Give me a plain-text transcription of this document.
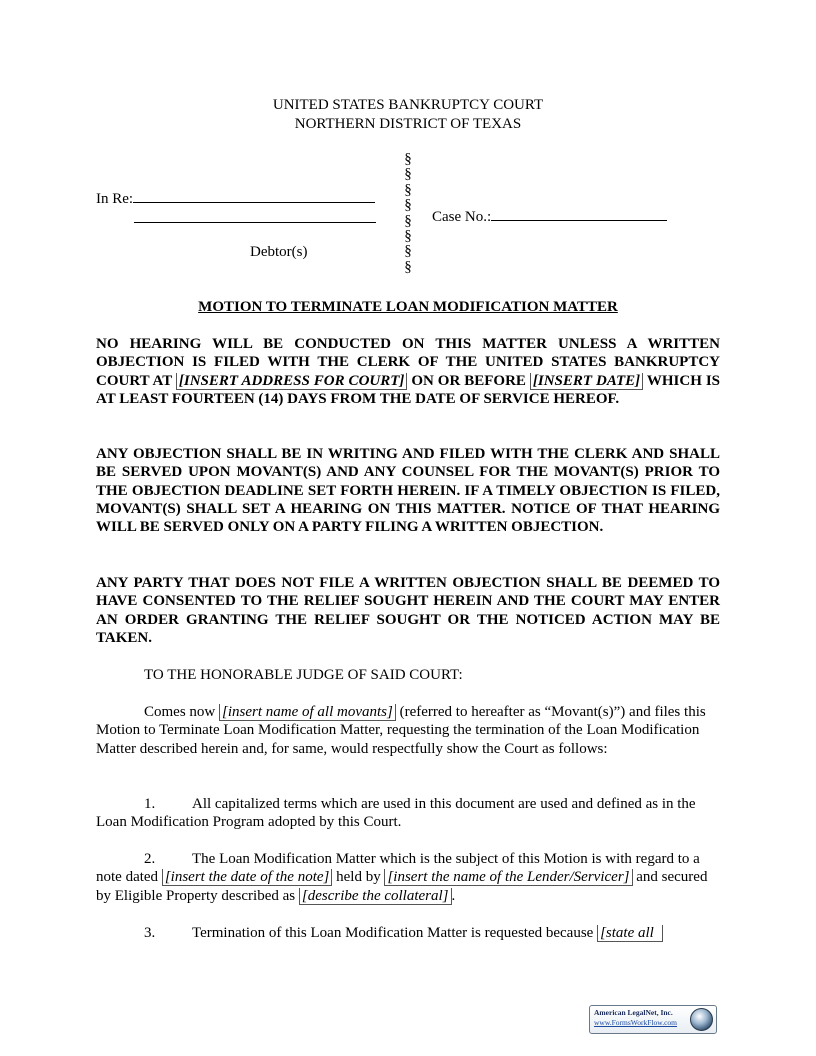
UNITED STATES BANKRUPTCY COURT
NORTHERN DISTRICT OF TEXAS
§
§
§
§
§
§
§
§
In Re:
Case No.:
Debtor(s)
MOTION TO TERMINATE LOAN MODIFICATION MATTER
NO HEARING WILL BE CONDUCTED ON THIS MATTER UNLESS A WRITTEN OBJECTION IS FILED WITH THE CLERK OF THE UNITED STATES BANKRUPTCY COURT AT [INSERT ADDRESS FOR COURT] ON OR BEFORE [INSERT DATE] WHICH IS AT LEAST FOURTEEN (14) DAYS FROM THE DATE OF SERVICE HEREOF.
ANY OBJECTION SHALL BE IN WRITING AND FILED WITH THE CLERK AND SHALL BE SERVED UPON MOVANT(S) AND ANY COUNSEL FOR THE MOVANT(S) PRIOR TO THE OBJECTION DEADLINE SET FORTH HEREIN. IF A TIMELY OBJECTION IS FILED, MOVANT(S) SHALL SET A HEARING ON THIS MATTER. NOTICE OF THAT HEARING WILL BE SERVED ONLY ON A PARTY FILING A WRITTEN OBJECTION.
ANY PARTY THAT DOES NOT FILE A WRITTEN OBJECTION SHALL BE DEEMED TO HAVE CONSENTED TO THE RELIEF SOUGHT HEREIN AND THE COURT MAY ENTER AN ORDER GRANTING THE RELIEF SOUGHT OR THE NOTICED ACTION MAY BE TAKEN.
TO THE HONORABLE JUDGE OF SAID COURT:
Comes now [insert name of all movants] (referred to hereafter as “Movant(s)”) and files this Motion to Terminate Loan Modification Matter, requesting the termination of the Loan Modification Matter described herein and, for same, would respectfully show the Court as follows:
1. All capitalized terms which are used in this document are used and defined as in the Loan Modification Program adopted by this Court.
2. The Loan Modification Matter which is the subject of this Motion is with regard to a note dated [insert the date of the note] held by [insert the name of the Lender/Servicer] and secured by Eligible Property described as [describe the collateral] .
3. Termination of this Loan Modification Matter is requested because [state all
American LegalNet, Inc.
www.FormsWorkFlow.com
